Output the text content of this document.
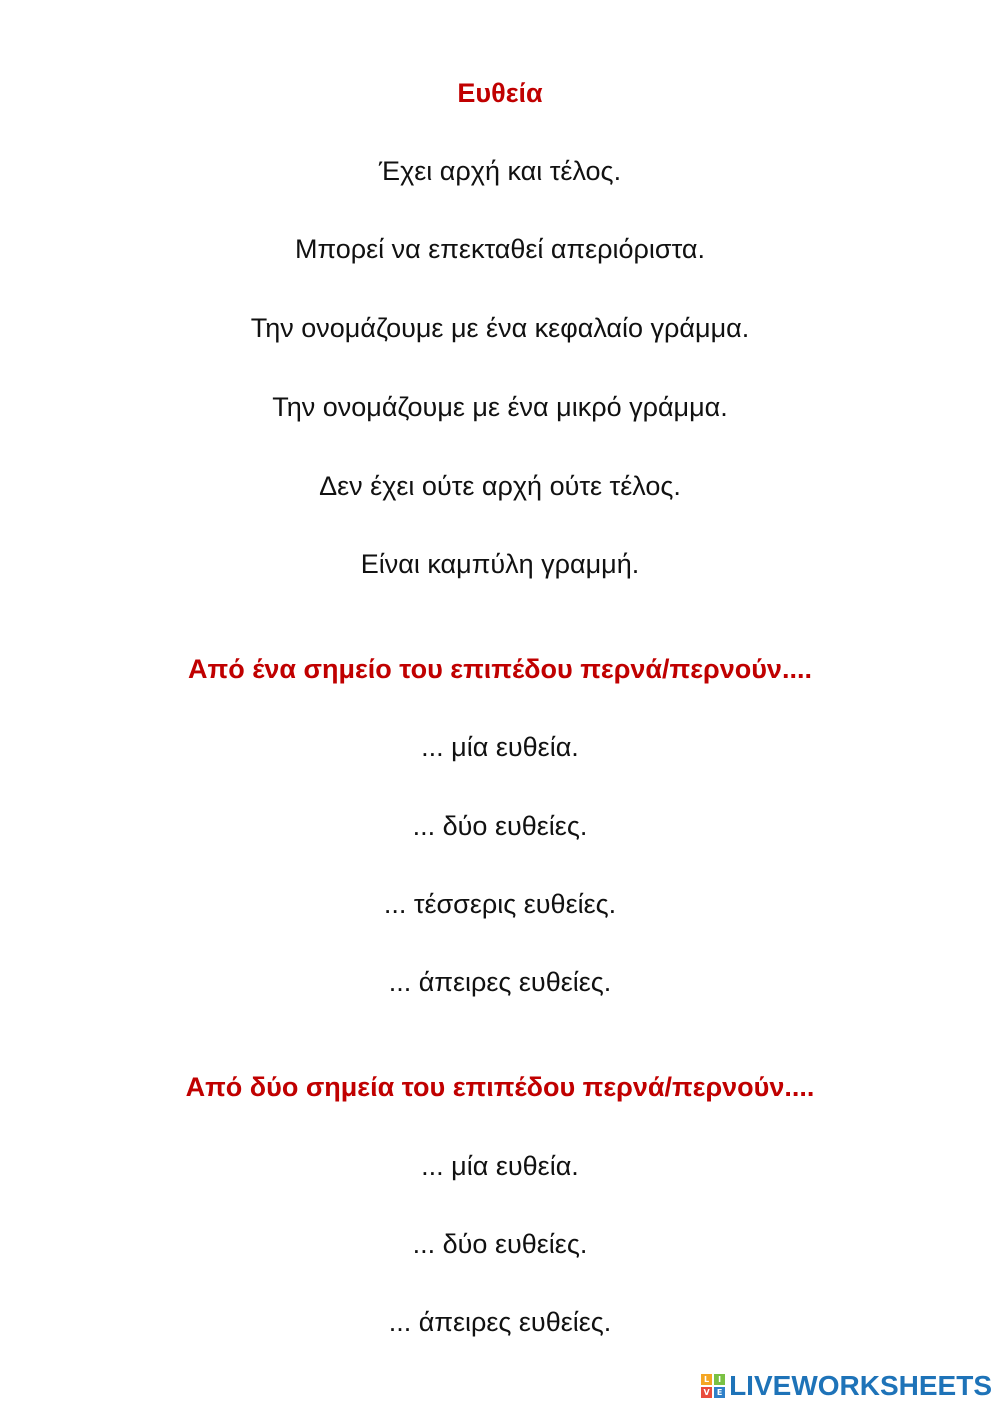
Ευθεία
Έχει αρχή και τέλος.
Μπορεί να επεκταθεί απεριόριστα.
Την ονομάζουμε με ένα κεφαλαίο γράμμα.
Την ονομάζουμε με ένα μικρό γράμμα.
Δεν έχει ούτε αρχή ούτε τέλος.
Είναι καμπύλη γραμμή.
Από ένα σημείο του επιπέδου περνά/περνούν....
... μία ευθεία.
... δύο ευθείες.
... τέσσερις ευθείες.
... άπειρες ευθείες.
Από δύο σημεία του επιπέδου περνά/περνούν....
... μία ευθεία.
... δύο ευθείες.
... άπειρες ευθείες.
L	I
V E LIVEWORKSHEETS
